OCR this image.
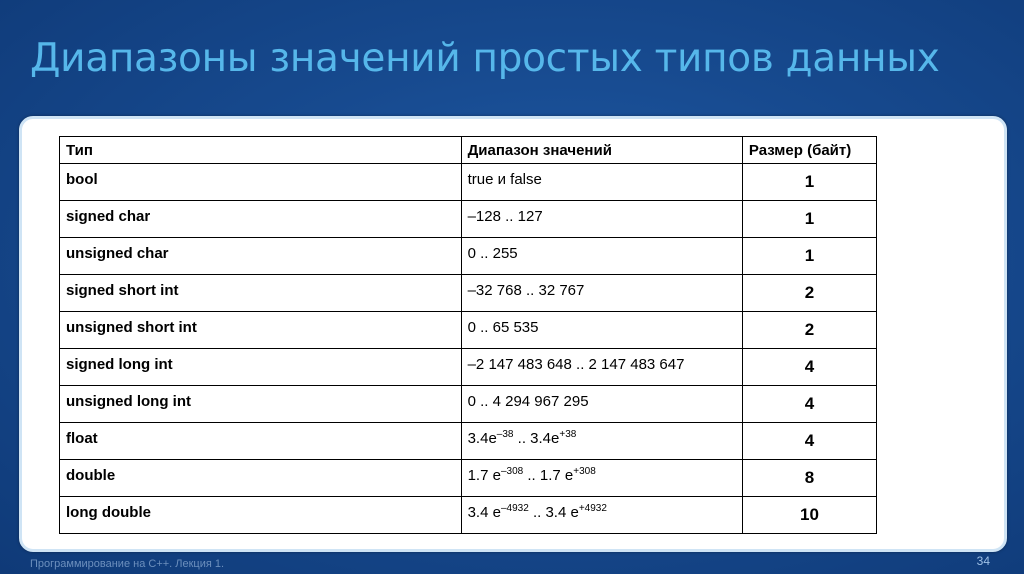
Диапазоны значений простых типов данных
Тип	Диапазон значений	Размер (байт)
bool	true и false	1
signed char	–128 .. 127	1
unsigned char	0 .. 255	1
signed short int	–32 768 .. 32 767	2
unsigned short int	0 .. 65 535	2
signed long int	–2 147 483 648 .. 2 147 483 647	4
unsigned long int	0 .. 4 294 967 295	4
float	$3.4e^{-38}$ .. $3.4e^{+38}$	4
double	1.7 $e^{-308}$ .. 1.7 $e^{+308}$	8
long double	3.4 $e^{-4932}$ .. 3.4 $e^{+4932}$	10
Программирование на C++. Лекция 1.	34
